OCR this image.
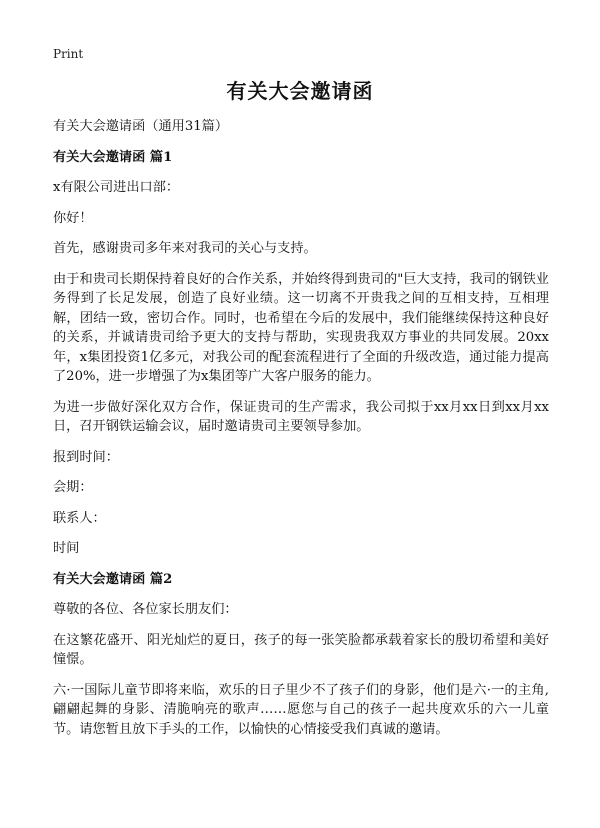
Print
有关大会邀请函

有关大会邀请函（通用31篇）

有关大会邀请函 篇1

x有限公司进出口部：

你好！

首先，感谢贵司多年来对我司的关心与支持。

由于和贵司长期保持着良好的合作关系，并始终得到贵司的"巨大支持，我司的钢铁业务得到了长足发展，创造了良好业绩。这一切离不开贵我之间的互相支持，互相理解，团结一致，密切合作。同时，也希望在今后的发展中，我们能继续保持这种良好的关系，并诚请贵司给予更大的支持与帮助，实现贵我双方事业的共同发展。20xx年，x集团投资1亿多元，对我公司的配套流程进行了全面的升级改造，通过能力提高了20%，进一步增强了为x集团等广大客户服务的能力。

为进一步做好深化双方合作，保证贵司的生产需求，我公司拟于xx月xx日到xx月xx日，召开钢铁运输会议，届时邀请贵司主要领导参加。

报到时间：

会期：

联系人：

时间

有关大会邀请函 篇2

尊敬的各位、各位家长朋友们：

在这繁花盛开、阳光灿烂的夏日，孩子的每一张笑脸都承载着家长的殷切希望和美好憧憬。

六·一国际儿童节即将来临，欢乐的日子里少不了孩子们的身影，他们是六·一的主角,翩翩起舞的身影、清脆响亮的歌声……愿您与自己的孩子一起共度欢乐的六一儿童节。请您暂且放下手头的工作，以愉快的心情接受我们真诚的邀请。
